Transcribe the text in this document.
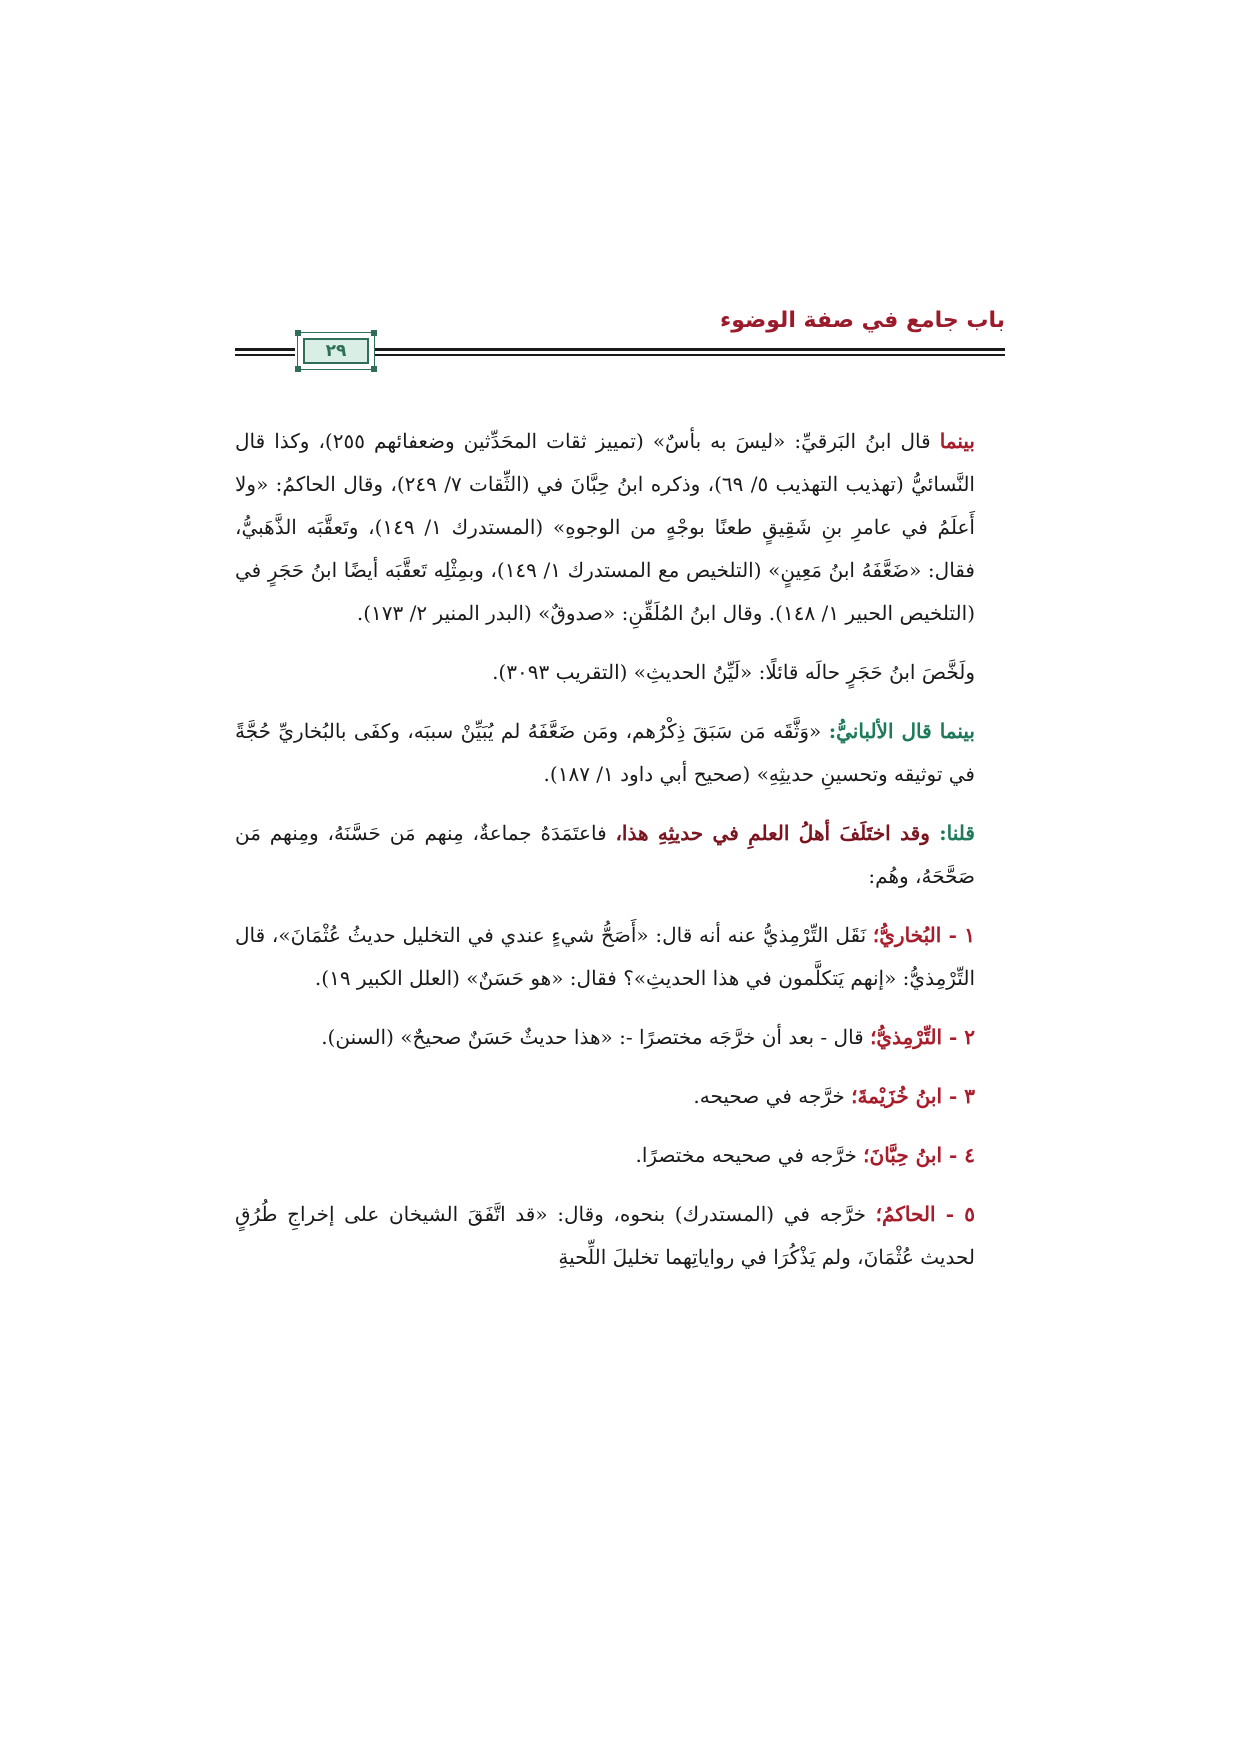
باب جامع في صفة الوضوء
٢٩

بينما قال ابنُ البَرقيِّ: «ليسَ به بأسٌ» (تمييز ثقات المحَدِّثين وضعفائهم ٢٥٥)، وكذا قال النَّسائيُّ (تهذيب التهذيب ٥/ ٦٩)، وذكره ابنُ حِبَّانَ في (الثِّقات ٧/ ٢٤٩)، وقال الحاكمُ: «ولا أَعلَمُ في عامرِ بنِ شَقِيقٍ طعنًا بوجْهٍ من الوجوهِ» (المستدرك ١/ ١٤٩)، وتَعقَّبَه الذَّهَبيُّ، فقال: «ضَعَّفَهُ ابنُ مَعِينٍ» (التلخيص مع المستدرك ١/ ١٤٩)، وبمِثْلِه تَعقَّبَه أيضًا ابنُ حَجَرٍ في (التلخيص الحبير ١/ ١٤٨). وقال ابنُ المُلَقِّنِ: «صدوقٌ» (البدر المنير ٢/ ١٧٣).

ولَخَّصَ ابنُ حَجَرٍ حالَه قائلًا: «لَيِّنُ الحديثِ» (التقريب ٣٠٩٣).

بينما قال الألبانيُّ: «وَثَّقَه مَن سَبَقَ ذِكْرُهم، ومَن ضَعَّفَهُ لم يُبَيِّنْ سببَه، وكفَى بالبُخاريِّ حُجَّةً في توثيقه وتحسينِ حديثِهِ» (صحيح أبي داود ١/ ١٨٧).

قلنا: وقد اختَلَفَ أهلُ العلمِ في حديثِهِ هذا، فاعتَمَدَهُ جماعةٌ، مِنهم مَن حَسَّنَهُ، ومِنهم مَن صَحَّحَهُ، وهُم:

١ - البُخاريُّ؛ نَقَل التِّرْمِذيُّ عنه أنه قال: «أَصَحُّ شيءٍ عندي في التخليل حديثُ عُثْمَانَ»، قال التِّرْمِذيُّ: «إنهم يَتكلَّمون في هذا الحديثِ»؟ فقال: «هو حَسَنٌ» (العلل الكبير ١٩).

٢ - التِّرْمِذيُّ؛ قال - بعد أن خرَّجَه مختصرًا -: «هذا حديثٌ حَسَنٌ صحيحٌ» (السنن).

٣ - ابنُ خُزَيْمةَ؛ خرَّجه في صحيحه.

٤ - ابنُ حِبَّانَ؛ خرَّجه في صحيحه مختصرًا.

٥ - الحاكمُ؛ خرَّجه في (المستدرك) بنحوه، وقال: «قد اتَّفَقَ الشيخان على إخراجِ طُرُقٍ لحديث عُثْمَانَ، ولم يَذْكُرَا في رواياتِهما تخليلَ اللِّحيةِ
